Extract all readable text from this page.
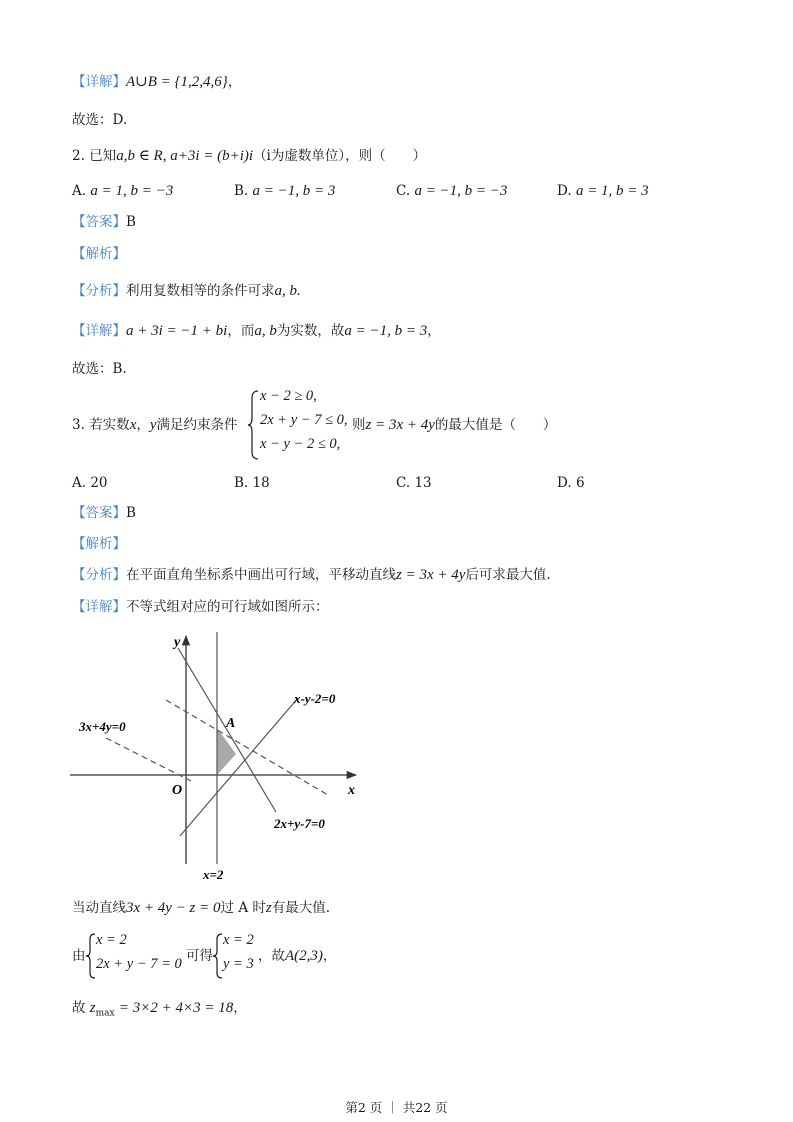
【详解】A∪B = {1,2,4,6}，
故选：D.
2. 已知a,b ∈ R, a+3i = (b+i)i（i为虚数单位），则（　　）
A. a = 1, b = −3	B. a = −1, b = 3	C. a = −1, b = −3	D. a = 1, b = 3
【答案】B
【解析】
【分析】利用复数相等的条件可求a, b.
【详解】a + 3i = −1 + bi，而a, b为实数，故a = −1, b = 3，
故选：B.
3. 若实数x，y满足约束条件
x − 2 ≥ 0,
2x + y − 7 ≤ 0,
x − y − 2 ≤ 0,
则z = 3x + 4y的最大值是（　　）
A. 20	B. 18	C. 13	D. 6
【答案】B
【解析】
【分析】在平面直角坐标系中画出可行域，平移动直线z = 3x + 4y后可求最大值.
【详解】不等式组对应的可行域如图所示：
y
x
O
A
3x+4y=0
x-y-2=0
2x+y-7=0
x=2
当动直线3x + 4y − z = 0过 A 时z有最大值.
由
x = 2
2x + y − 7 = 0 可得
x = 2
y = 3 ，故A(2,3)，
故 $z_{max} = 3\times 2 + 4\times 3 = 18$，
第2 页 ｜ 共22 页
